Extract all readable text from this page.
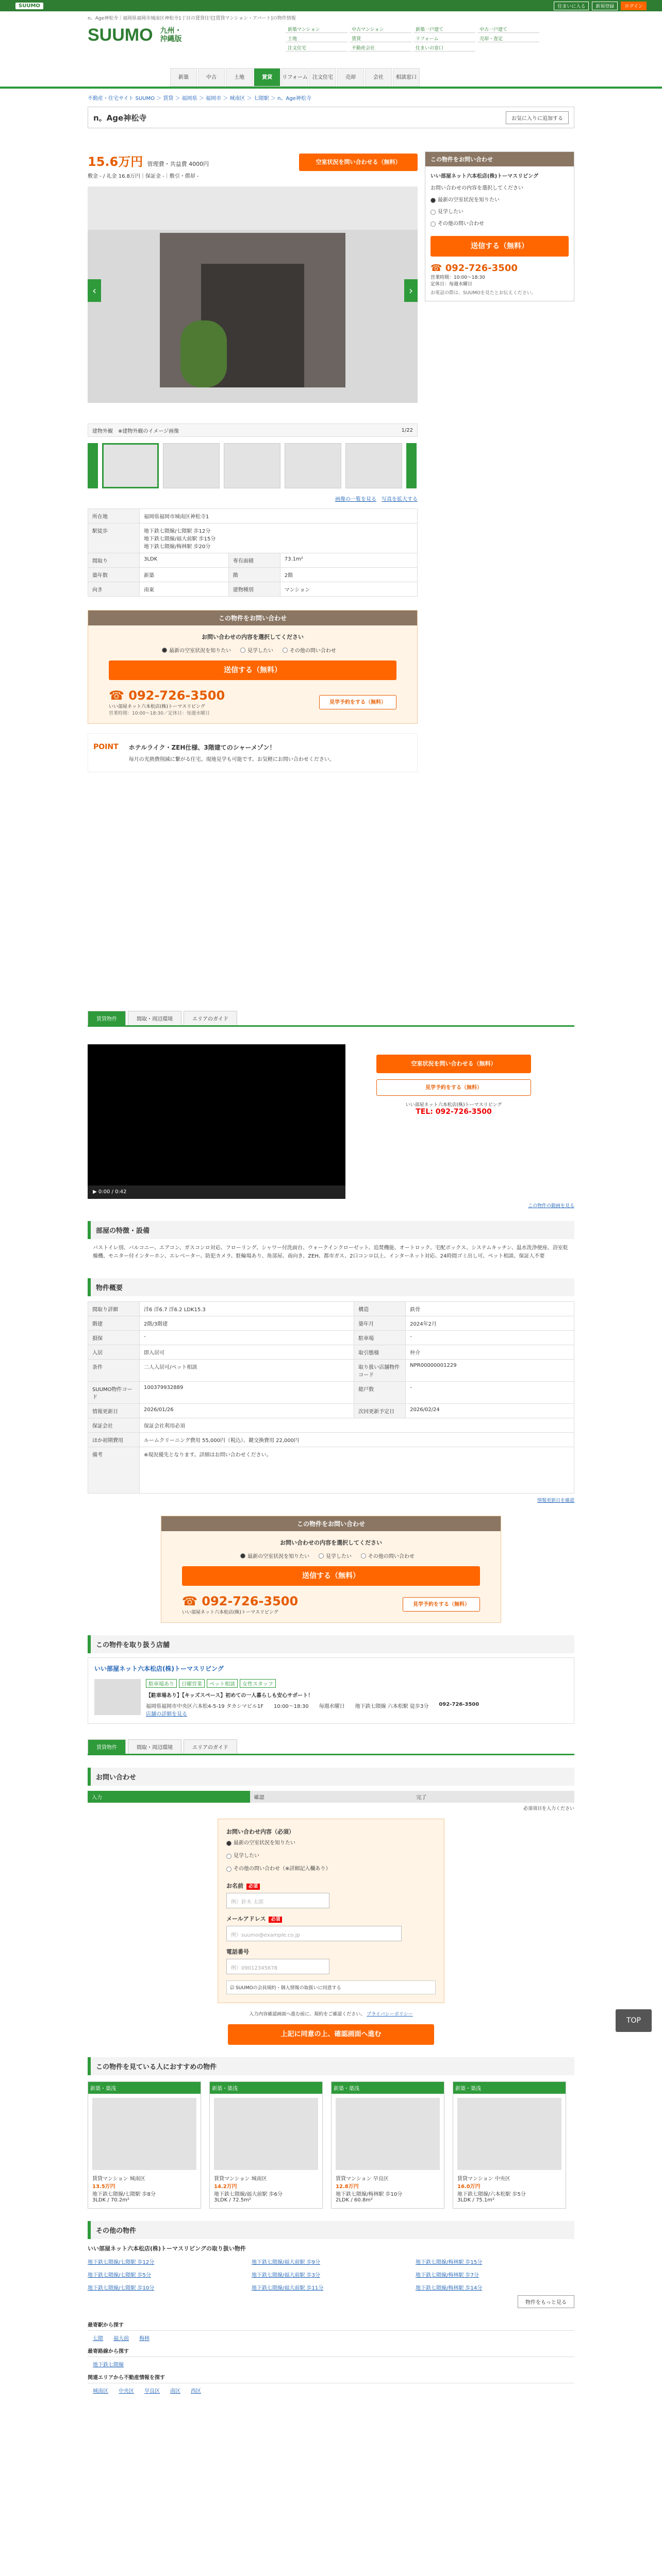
SUUMO	住まいに入る	新規登録	ログイン
n。Age神松寺｜福岡県福岡市城南区神松寺1丁目の賃貸住宅[賃貸マンション・アパート]の物件情報
SUUMO 九州・
沖縄版
新築マンション	中古マンション	新築一戸建て	中古一戸建て
土地	賃貸	リフォーム	売却・査定
注文住宅	不動産会社	住まいの窓口
新築	中古	土地	賃貸	リフォーム 注文住宅	売却	会社	相談窓口
不動産・住宅サイト SUUMO ＞ 賃貸 ＞ 福岡県 ＞ 福岡市 ＞ 城南区 ＞ 七隈駅 ＞ n。Age神松寺
n。Age神松寺	お気に入りに追加する
15.6万円 管理費・共益費 4000円
敷金 - / 礼金 16.8万円｜保証金 -｜敷引・償却 -
空室状況を問い合わせる（無料）
‹	›
建物外観　※建物外観のイメージ画像	1/22
画像の一覧を見る　 写真を拡大する
所在地	福岡県福岡市城南区神松寺1		
駅徒歩	地下鉄七隈線/七隈駅 歩12分
地下鉄七隈線/福大前駅 歩15分
地下鉄七隈線/梅林駅 歩20分		
間取り	3LDK	専有面積	73.1m²
築年数	新築	階	2階
向き	南東	建物種別	マンション
この物件をお問い合わせ
お問い合わせの内容を選択してください
最新の空室状況を知りたい
	見学したい
	その他の問い合わせ
送信する（無料）
☎ 092-726-3500
いい部屋ネット六本松店(株)トーマスリビング
営業時間：10:00〜18:30／定休日：毎週水曜日
見学予約をする（無料）
POINT ホテルライク・ZEH仕様、3階建てのシャーメゾン！
毎月の光熱費削減に繋がる住宅。現地見学も可能です。お気軽にお問い合わせください。
この物件をお問い合わせ
いい部屋ネット六本松店(株)トーマスリビング
お問い合わせの内容を選択してください
最新の空室状況を知りたい

見学したい

その他の問い合わせ
送信する（無料）
☎ 092-726-3500
営業時間：10:00〜18:30
定休日：毎週水曜日
お電話の際は、SUUMOを見たとお伝えください。
賃貸物件	間取・周辺環境	エリアのガイド
▶ 0:00 / 0:42
空室状況を問い合わせる（無料）
見学予約をする（無料）
いい部屋ネット六本松店(株)トーマスリビング
TEL: 092-726-3500
この物件の動画を見る
部屋の特徴・設備
バストイレ別、バルコニー、エアコン、ガスコンロ対応、フローリング、シャワー付洗面台、ウォークインクローゼット、追焚機能、オートロック、宅配ボックス、システムキッチン、温水洗浄便座、浴室乾燥機、モニター付インターホン、エレベーター、防犯カメラ、駐輪場あり、角部屋、南向き、ZEH、都市ガス、2口コンロ以上、インターネット対応、24時間ゴミ出し可、ペット相談、保証人不要
物件概要
間取り詳細	洋6 洋6.7 洋6.2 LDK15.3	構造	鉄骨
階建	2階/3階建	築年月	2024年2月
損保	-	駐車場	-
入居	即入居可	取引態様	仲介
条件	二人入居可/ペット相談	取り扱い店舗物件コード	NPR00000001229
SUUMO物件コード	100379932889	総戸数	-
情報更新日	2026/01/26	次回更新予定日	2026/02/24
保証会社	保証会社利用必須		
ほか初期費用	ルームクリーニング費用 55,000円（税込）、鍵交換費用 22,000円		
備考	※現況優先となります。詳細はお問い合わせください。		
情報更新日を確認
この物件をお問い合わせ
お問い合わせの内容を選択してください
最新の空室状況を知りたい
	見学したい
	その他の問い合わせ
送信する（無料）
☎ 092-726-3500
いい部屋ネット六本松店(株)トーマスリビング
見学予約をする（無料）
この物件を取り扱う店舗
いい部屋ネット六本松店(株)トーマスリビング
駐車場あり	日曜営業	ペット相談	女性スタッフ
【駐車場あり】【キッズスペース】初めての一人暮らしも安心サポート！
福岡県福岡市中央区六本松4-5-19 タカシマビル1F 10:00〜18:30 毎週水曜日 地下鉄七隈線 六本松駅 徒歩3分 092-726-3500
店舗の詳細を見る
賃貸物件	間取・周辺環境	エリアのガイド
お問い合わせ
入力	確認	完了
必須項目を入力ください
お問い合わせ内容（必須）
最新の空室状況を知りたい

見学したい

その他の問い合わせ（※詳細記入欄あり）
お名前 必須
例）鈴木 太郎
メールアドレス 必須
例）suumo@example.co.jp
電話番号
例）09012345678
☑ SUUMOの会員規約・個人情報の取扱いに同意する
入力内容確認画面へ進む前に、規約をご確認ください。 プライバシーポリシー
上記に同意の上、確認画面へ進む
この物件を見ている人におすすめの物件
新築・築浅
賃貸マンション 城南区
13.5万円
地下鉄七隈線/七隈駅 歩8分
3LDK / 70.2m²
新築・築浅
賃貸マンション 城南区
14.2万円
地下鉄七隈線/福大前駅 歩6分
3LDK / 72.5m²
新築・築浅
賃貸マンション 早良区
12.8万円
地下鉄七隈線/梅林駅 歩10分
2LDK / 60.8m²
新築・築浅
賃貸マンション 中央区
16.0万円
地下鉄七隈線/六本松駅 歩5分
3LDK / 75.1m²
その他の物件
いい部屋ネット六本松店(株)トーマスリビングの取り扱い物件
地下鉄七隈線/七隈駅 歩12分	地下鉄七隈線/福大前駅 歩9分	地下鉄七隈線/梅林駅 歩15分
地下鉄七隈線/七隈駅 歩5分	地下鉄七隈線/福大前駅 歩3分	地下鉄七隈線/梅林駅 歩7分
地下鉄七隈線/七隈駅 歩10分	地下鉄七隈線/福大前駅 歩11分	地下鉄七隈線/梅林駅 歩14分
物件をもっと見る
最寄駅から探す
七隈 福大前 梅林
最寄路線から探す
地下鉄七隈線
関連エリアから不動産情報を探す
城南区 中央区 早良区 南区 西区
TOP
